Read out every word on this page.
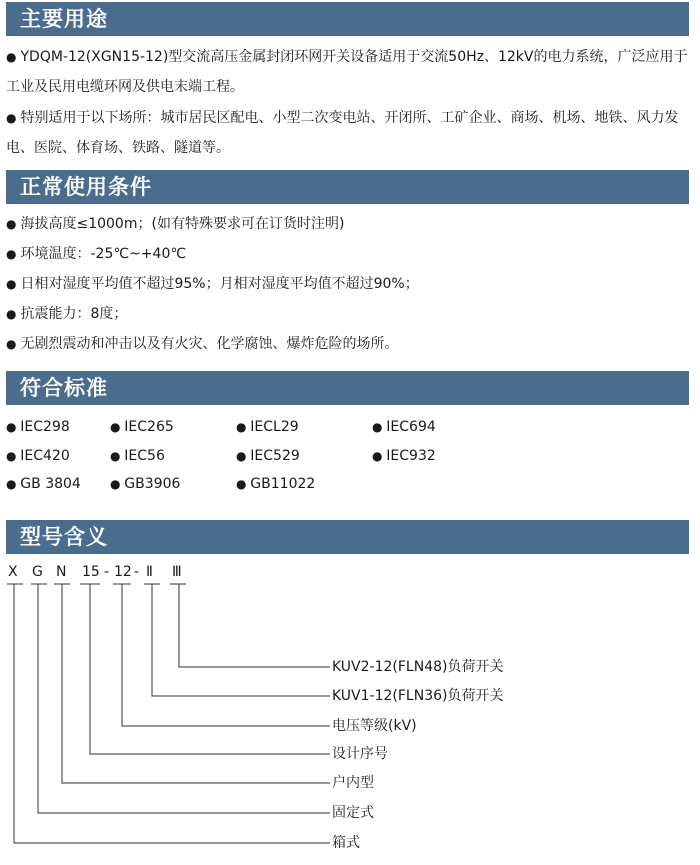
主要用途
● YDQM-12(XGN15-12)型交流高压金属封闭环网开关设备适用于交流50Hz、12kV的电力系统，广泛应用于工业及民用电缆环网及供电末端工程。
● 特别适用于以下场所：城市居民区配电、小型二次变电站、开闭所、工矿企业、商场、机场、地铁、风力发电、医院、体育场、铁路、隧道等。
正常使用条件
● 海拔高度≤1000m；(如有特殊要求可在订货时注明)
● 环境温度：-25℃~+40℃
● 日相对湿度平均值不超过95%；月相对湿度平均值不超过90%；
● 抗震能力：8度；
● 无剧烈震动和冲击以及有火灾、化学腐蚀、爆炸危险的场所。
符合标准
● IEC298	● IEC265	● IECL29	● IEC694
● IEC420	● IEC56	● IEC529	● IEC932
● GB 3804	● GB3906	● GB11022
型号含义
X G N 15 - 12 - Ⅱ Ⅲ
KUV2-12(FLN48)负荷开关
KUV1-12(FLN36)负荷开关
电压等级(kV)
设计序号
户内型
固定式
箱式
